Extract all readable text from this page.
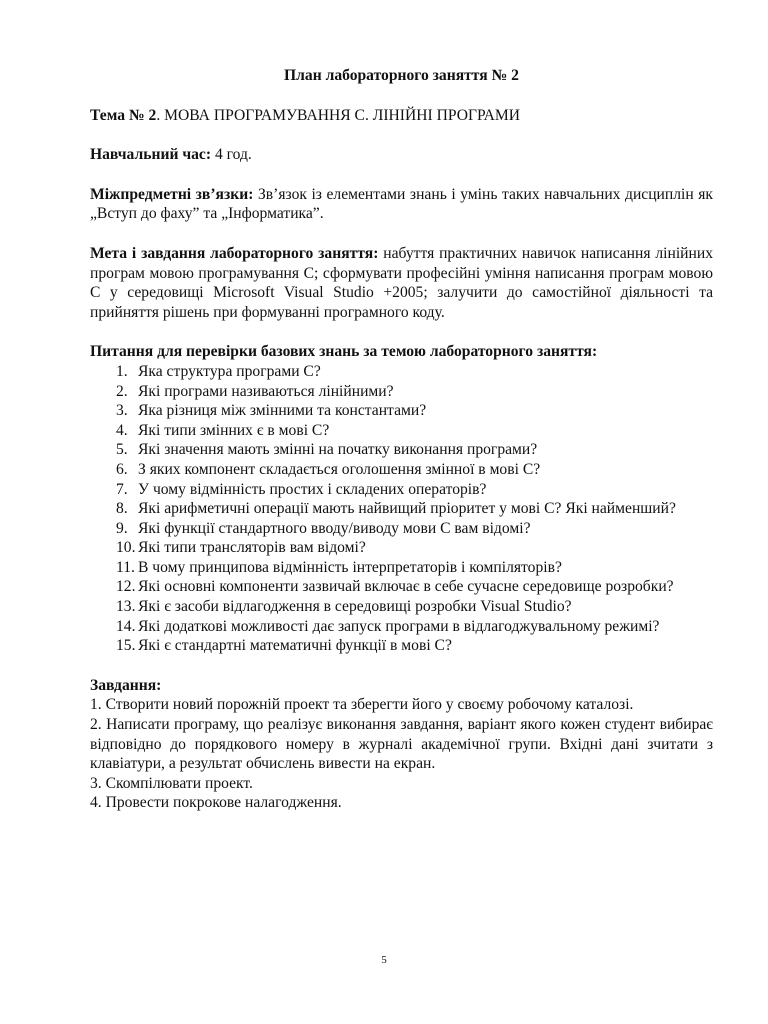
План лабораторного заняття № 2
Тема № 2. МОВА ПРОГРАМУВАННЯ С. ЛІНІЙНІ ПРОГРАМИ
Навчальний час: 4 год.
Міжпредметні зв’язки: Зв’язок із елементами знань і умінь таких навчальних дисциплін як „Вступ до фаху” та „Інформатика”.
Мета і завдання лабораторного заняття: набуття практичних навичок написання лінійних програм мовою програмування С; сформувати професійні уміння написання програм мовою С у середовищі Microsoft Visual Studio +2005; залучити до самостійної діяльності та прийняття рішень при формуванні програмного коду.
Питання для перевірки базових знань за темою лабораторного заняття:
1. Яка структура програми С?
2. Які програми називаються лінійними?
3. Яка різниця між змінними та константами?
4. Які типи змінних є в мові С?
5. Які значення мають змінні на початку виконання програми?
6. З яких компонент складається оголошення змінної в мові С?
7. У чому відмінність простих і складених операторів?
8. Які арифметичні операції мають найвищий пріоритет у мові С? Які найменший?
9. Які функції стандартного вводу/виводу мови С вам відомі?
10. Які типи трансляторів вам відомі?
11. В чому принципова відмінність інтерпретаторів і компіляторів?
12. Які основні компоненти зазвичай включає в себе сучасне середовище розробки?
13. Які є засоби відлагодження в середовищі розробки Visual Studio?
14. Які додаткові можливості дає запуск програми в відлагоджувальному режимі?
15. Які є стандартні математичні функції в мові С?

Завдання:

1. Створити новий порожній проект та зберегти його у своєму робочому каталозі.

2. Написати програму, що реалізує виконання завдання, варіант якого кожен студент вибирає відповідно до порядкового номеру в журналі академічної групи. Вхідні дані зчитати з клавіатури, а результат обчислень вивести на екран.

3. Скомпілювати проект.

4. Провести покрокове налагодження.

5
